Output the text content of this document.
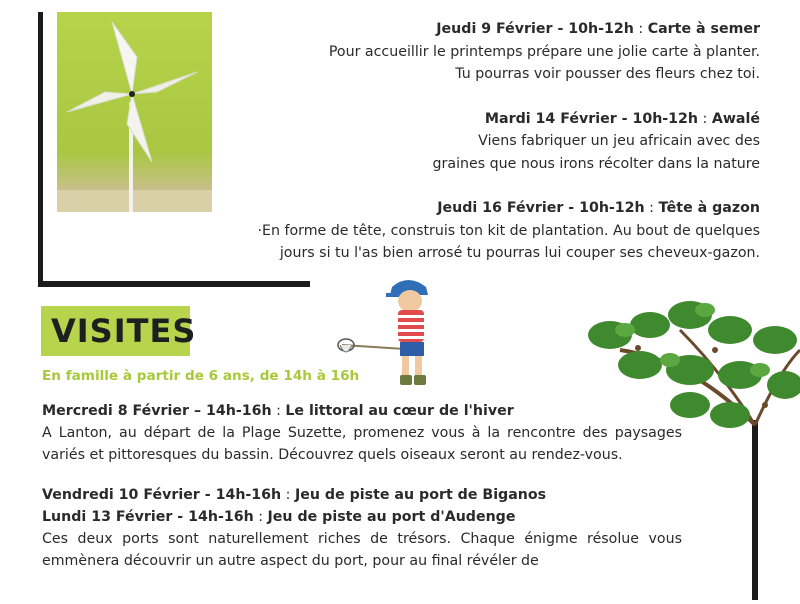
Jeudi 9 Février - 10h-12h : Carte à semer
Pour accueillir le printemps prépare une jolie carte à planter.
Tu pourras voir pousser des fleurs chez toi.

Mardi 14 Février - 10h-12h : Awalé
Viens fabriquer un jeu africain avec des
graines que nous irons récolter dans la nature

Jeudi 16 Février - 10h-12h : Tête à gazon
·En forme de tête, construis ton kit de plantation. Au bout de quelques
jours si tu l'as bien arrosé tu pourras lui couper ses cheveux-gazon.

VISITES
En famille à partir de 6 ans, de 14h à 16h

Mercredi 8 Février – 14h-16h : Le littoral au cœur de l'hiver
A Lanton, au départ de la Plage Suzette, promenez vous à la rencontre des paysages variés et pittoresques du bassin. Découvrez quels oiseaux seront au rendez-vous.

Vendredi 10 Février - 14h-16h : Jeu de piste au port de Biganos

Lundi 13 Février - 14h-16h : Jeu de piste au port d'Audenge
Ces deux ports sont naturellement riches de trésors. Chaque énigme résolue vous emmènera découvrir un autre aspect du port, pour au final révéler de
